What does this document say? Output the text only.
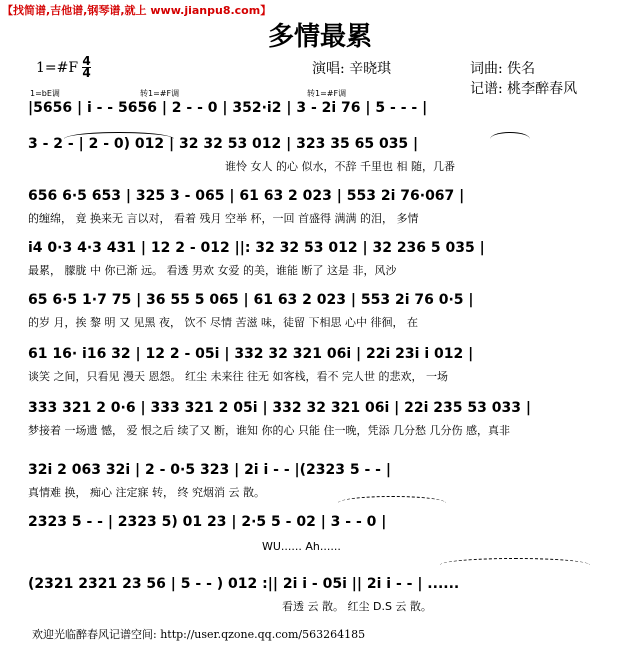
【找简谱,吉他谱,钢琴谱,就上 www.jianpu8.com】
多情最累
1=#F 4
4	演唱: 辛晓琪	词曲: 佚名
记谱: 桃李醉春风
1=bE调	转1=#F调	转1=#F调
|5656 | i - - 5656 | 2 - - 0 | 352·i2 | 3 - 2i 76 | 5 - - - |
3 - 2 - | 2 - 0) 012 | 32 32 53 012 | 323 35 65 035 |
谁怜 女人 的心 似水，不辞 千里也 相 随，几番
656 6·5 653 | 325 3 - 065 | 61 63 2 023 | 553 2i 76·067 |
的缠绵， 竟 换来无 言以对， 看着 残月 空举 杯，一回 首盛得 满满 的泪， 多情
i4 0·3 4·3 431 | 12 2 - 012 ||: 32 32 53 012 | 32 236 5 035 |
最累， 朦胧 中 你已渐 远。 看透 男欢 女爱 的美，谁能 断了 这是 非，风沙
65 6·5 1·7 75 | 36 55 5 065 | 61 63 2 023 | 553 2i 76 0·5 |
的岁 月，挨 黎 明 又 见黑 夜， 饮不 尽情 苦滋 味，徒留 下相思 心中 徘徊， 在
61 16· i16 32 | 12 2 - 05i | 332 32 321 06i | 22i 23i i 012 |
谈笑 之间，只看见 漫天 恩怨。 红尘 未来往 往无 如客栈，看不 完人世 的悲欢， 一场
333 321 2 0·6 | 333 321 2 05i | 332 32 321 06i | 22i 235 53 033 |
梦接着 一场遗 憾， 爱 恨之后 续了又 断，谁知 你的心 只能 住一晚，凭添 几分愁 几分伤 感，真非
32i 2 063 32i | 2 - 0·5 323 | 2i i - - |(2323 5 - - |
真情难 换， 痴心 注定寐 转， 终 究烟消 云 散。
2323 5 - - | 2323 5) 01 23 | 2·5 5 - 02 | 3 - - 0 |
WU...... Ah......
(2321 2321 23 56 | 5 - - ) 012 :|| 2i i - 05i || 2i i - - | ......
看透 云 散。 红尘 D.S 云 散。
欢迎光临醉春风记谱空间: http://user.qzone.qq.com/563264185
